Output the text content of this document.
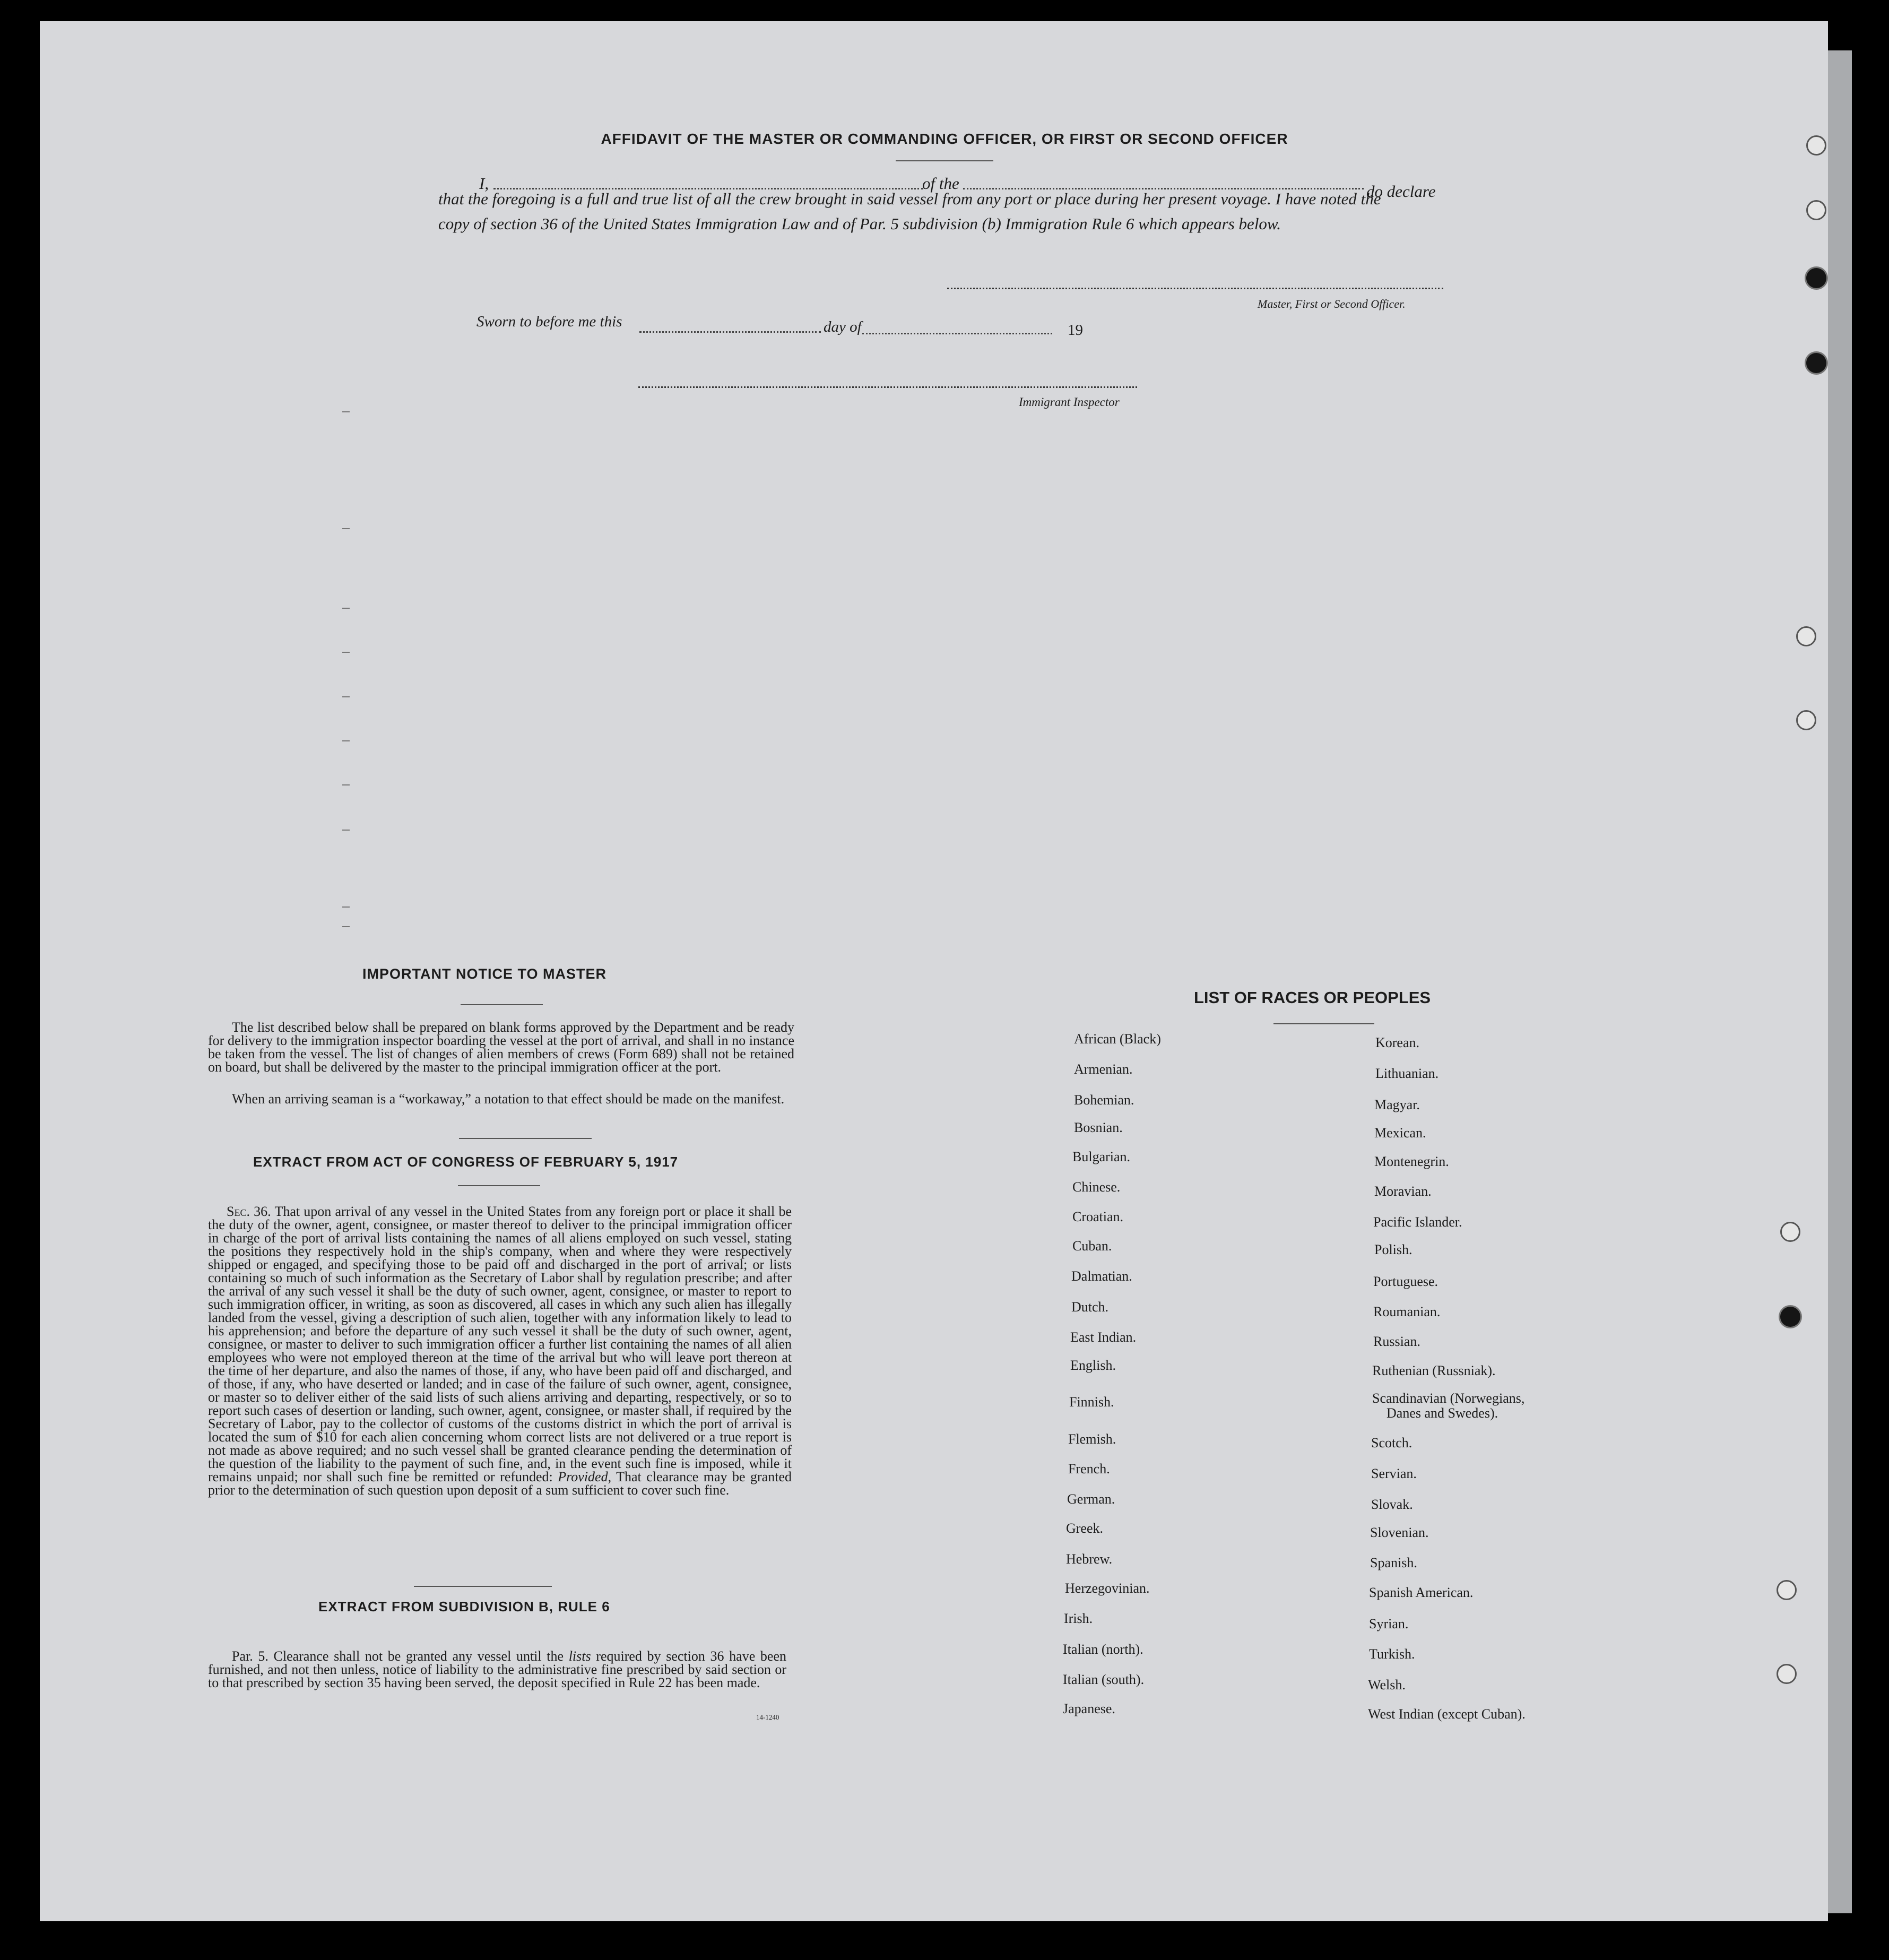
AFFIDAVIT OF THE MASTER OR COMMANDING OFFICER, OR FIRST OR SECOND OFFICER
I,	of the	do declare
that the foregoing is a full and true list of all the crew brought in said vessel from any port or place during her present voyage. I have noted the
copy of section 36 of the United States Immigration Law and of Par. 5 subdivision (b) Immigration Rule 6 which appears below.
Master, First or Second Officer.
Sworn to before me this	day of	19
Immigrant Inspector
IMPORTANT NOTICE TO MASTER
The list described below shall be prepared on blank forms approved by the Department and be ready for delivery to the immigration inspector boarding the vessel at the port of arrival, and shall in no instance be taken from the vessel. The list of changes of alien members of crews (Form 689) shall not be retained on board, but shall be delivered by the master to the principal immigration officer at the port.
When an arriving seaman is a “workaway,” a notation to that effect should be made on the manifest.
EXTRACT FROM ACT OF CONGRESS OF FEBRUARY 5, 1917
Sec. 36. That upon arrival of any vessel in the United States from any foreign port or place it shall be the duty of the owner, agent, consignee, or master thereof to deliver to the principal immigration officer in charge of the port of arrival lists containing the names of all aliens employed on such vessel, stating the positions they respectively hold in the ship's company, when and where they were respectively shipped or engaged, and specifying those to be paid off and discharged in the port of arrival; or lists containing so much of such information as the Secretary of Labor shall by regulation prescribe; and after the arrival of any such vessel it shall be the duty of such owner, agent, consignee, or master to report to such immigration officer, in writing, as soon as discovered, all cases in which any such alien has illegally landed from the vessel, giving a description of such alien, together with any information likely to lead to his apprehension; and before the departure of any such vessel it shall be the duty of such owner, agent, consignee, or master to deliver to such immigration officer a further list containing the names of all alien employees who were not employed thereon at the time of the arrival but who will leave port thereon at the time of her departure, and also the names of those, if any, who have been paid off and discharged, and of those, if any, who have deserted or landed; and in case of the failure of such owner, agent, consignee, or master so to deliver either of the said lists of such aliens arriving and departing, respectively, or so to report such cases of desertion or landing, such owner, agent, consignee, or master shall, if required by the Secretary of Labor, pay to the collector of customs of the customs district in which the port of arrival is located the sum of $10 for each alien concerning whom correct lists are not delivered or a true report is not made as above required; and no such vessel shall be granted clearance pending the determination of the question of the liability to the payment of such fine, and, in the event such fine is imposed, while it remains unpaid; nor shall such fine be remitted or refunded: Provided, That clearance may be granted prior to the determination of such question upon deposit of a sum sufficient to cover such fine.
EXTRACT FROM SUBDIVISION B, RULE 6
Par. 5. Clearance shall not be granted any vessel until the lists required by section 36 have been furnished, and not then unless, notice of liability to the administrative fine prescribed by said section or to that prescribed by section 35 having been served, the deposit specified in Rule 22 has been made.
14-1240
LIST OF RACES OR PEOPLES
African (Black)
Armenian.
Bohemian.
Bosnian.
Bulgarian.
Chinese.
Croatian.
Cuban.
Dalmatian.
Dutch.
East Indian.
English.
Finnish.
Flemish.
French.
German.
Greek.
Hebrew.
Herzegovinian.
Irish.
Italian (north).
Italian (south).
Japanese.
Korean.
Lithuanian.
Magyar.
Mexican.
Montenegrin.
Moravian.
Pacific Islander.
Polish.
Portuguese.
Roumanian.
Russian.
Ruthenian (Russniak).
Scandinavian (Norwegians,
Danes and Swedes).
Scotch.
Servian.
Slovak.
Slovenian.
Spanish.
Spanish American.
Syrian.
Turkish.
Welsh.
West Indian (except Cuban).
